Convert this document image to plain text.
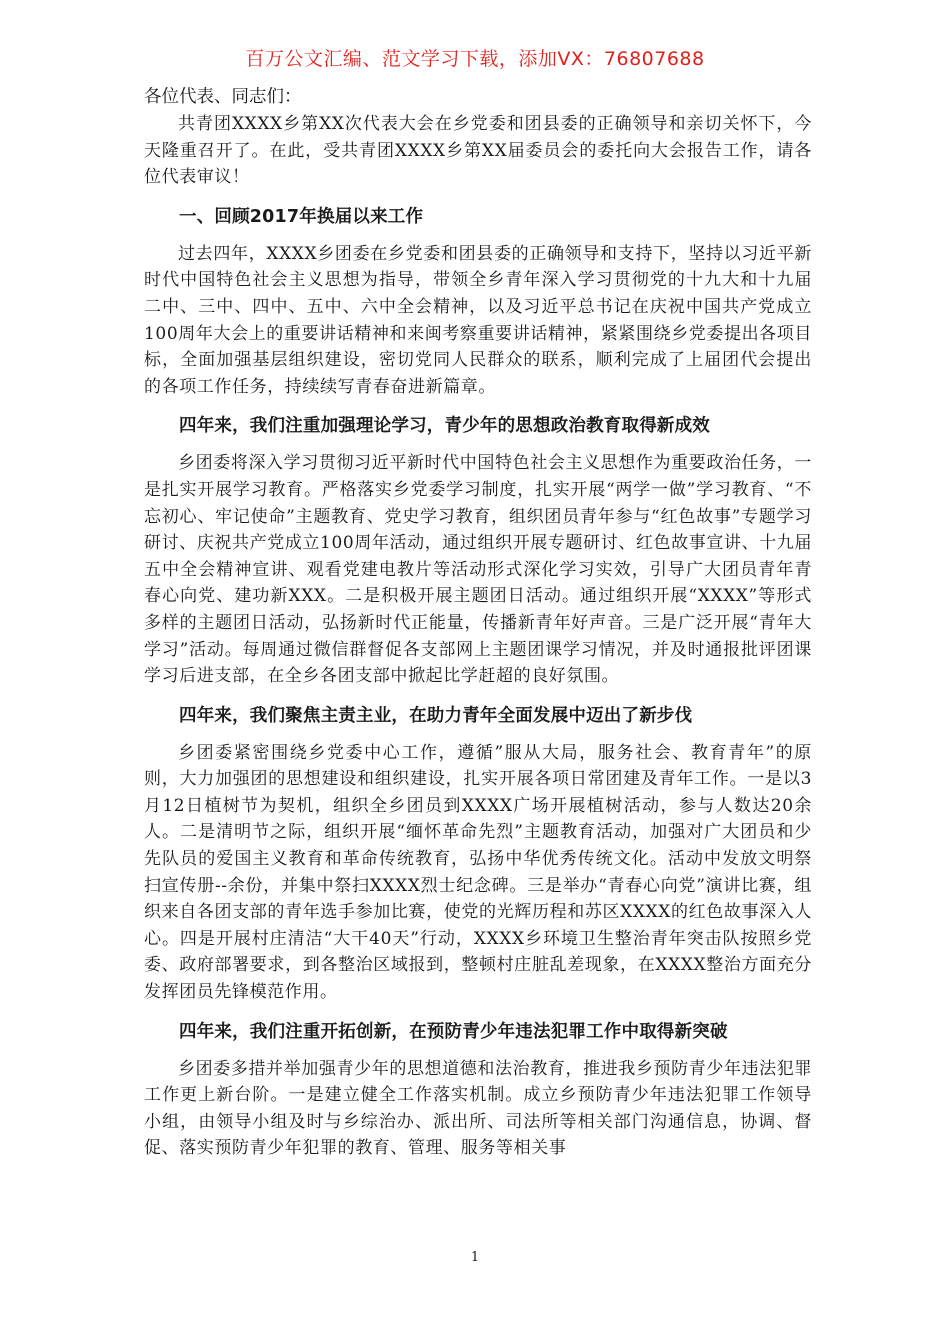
百万公文汇编、范文学习下载，添加VX：76807688

各位代表、同志们：

共青团XXXX乡第XX次代表大会在乡党委和团县委的正确领导和亲切关怀下，今天隆重召开了。在此，受共青团XXXX乡第XX届委员会的委托向大会报告工作，请各位代表审议！

一、回顾2017年换届以来工作

过去四年，XXXX乡团委在乡党委和团县委的正确领导和支持下，坚持以习近平新时代中国特色社会主义思想为指导，带领全乡青年深入学习贯彻党的十九大和十九届二中、三中、四中、五中、六中全会精神，以及习近平总书记在庆祝中国共产党成立100周年大会上的重要讲话精神和来闽考察重要讲话精神，紧紧围绕乡党委提出各项目标，全面加强基层组织建设，密切党同人民群众的联系，顺利完成了上届团代会提出的各项工作任务，持续续写青春奋进新篇章。

四年来，我们注重加强理论学习，青少年的思想政治教育取得新成效

乡团委将深入学习贯彻习近平新时代中国特色社会主义思想作为重要政治任务，一是扎实开展学习教育。严格落实乡党委学习制度，扎实开展“两学一做”学习教育、“不忘初心、牢记使命”主题教育、党史学习教育，组织团员青年参与“红色故事”专题学习研讨、庆祝共产党成立100周年活动，通过组织开展专题研讨、红色故事宣讲、十九届五中全会精神宣讲、观看党建电教片等活动形式深化学习实效，引导广大团员青年青春心向党、建功新XXX。二是积极开展主题团日活动。通过组织开展“XXXX”等形式多样的主题团日活动，弘扬新时代正能量，传播新青年好声音。三是广泛开展“青年大学习”活动。每周通过微信群督促各支部网上主题团课学习情况，并及时通报批评团课学习后进支部，在全乡各团支部中掀起比学赶超的良好氛围。

四年来，我们聚焦主责主业，在助力青年全面发展中迈出了新步伐

乡团委紧密围绕乡党委中心工作，遵循”服从大局，服务社会、教育青年”的原则，大力加强团的思想建设和组织建设，扎实开展各项日常团建及青年工作。一是以3月12日植树节为契机，组织全乡团员到XXXX广场开展植树活动，参与人数达20余人。二是清明节之际，组织开展“缅怀革命先烈”主题教育活动，加强对广大团员和少先队员的爱国主义教育和革命传统教育，弘扬中华优秀传统文化。活动中发放文明祭扫宣传册--余份，并集中祭扫XXXX烈士纪念碑。三是举办“青春心向党”演讲比赛，组织来自各团支部的青年选手参加比赛，使党的光辉历程和苏区XXXX的红色故事深入人心。四是开展村庄清洁“大干40天”行动，XXXX乡环境卫生整治青年突击队按照乡党委、政府部署要求，到各整治区域报到，整顿村庄脏乱差现象，在XXXX整治方面充分发挥团员先锋模范作用。

四年来，我们注重开拓创新，在预防青少年违法犯罪工作中取得新突破

乡团委多措并举加强青少年的思想道德和法治教育，推进我乡预防青少年违法犯罪工作更上新台阶。一是建立健全工作落实机制。成立乡预防青少年违法犯罪工作领导小组，由领导小组及时与乡综治办、派出所、司法所等相关部门沟通信息，协调、督促、落实预防青少年犯罪的教育、管理、服务等相关事

1
